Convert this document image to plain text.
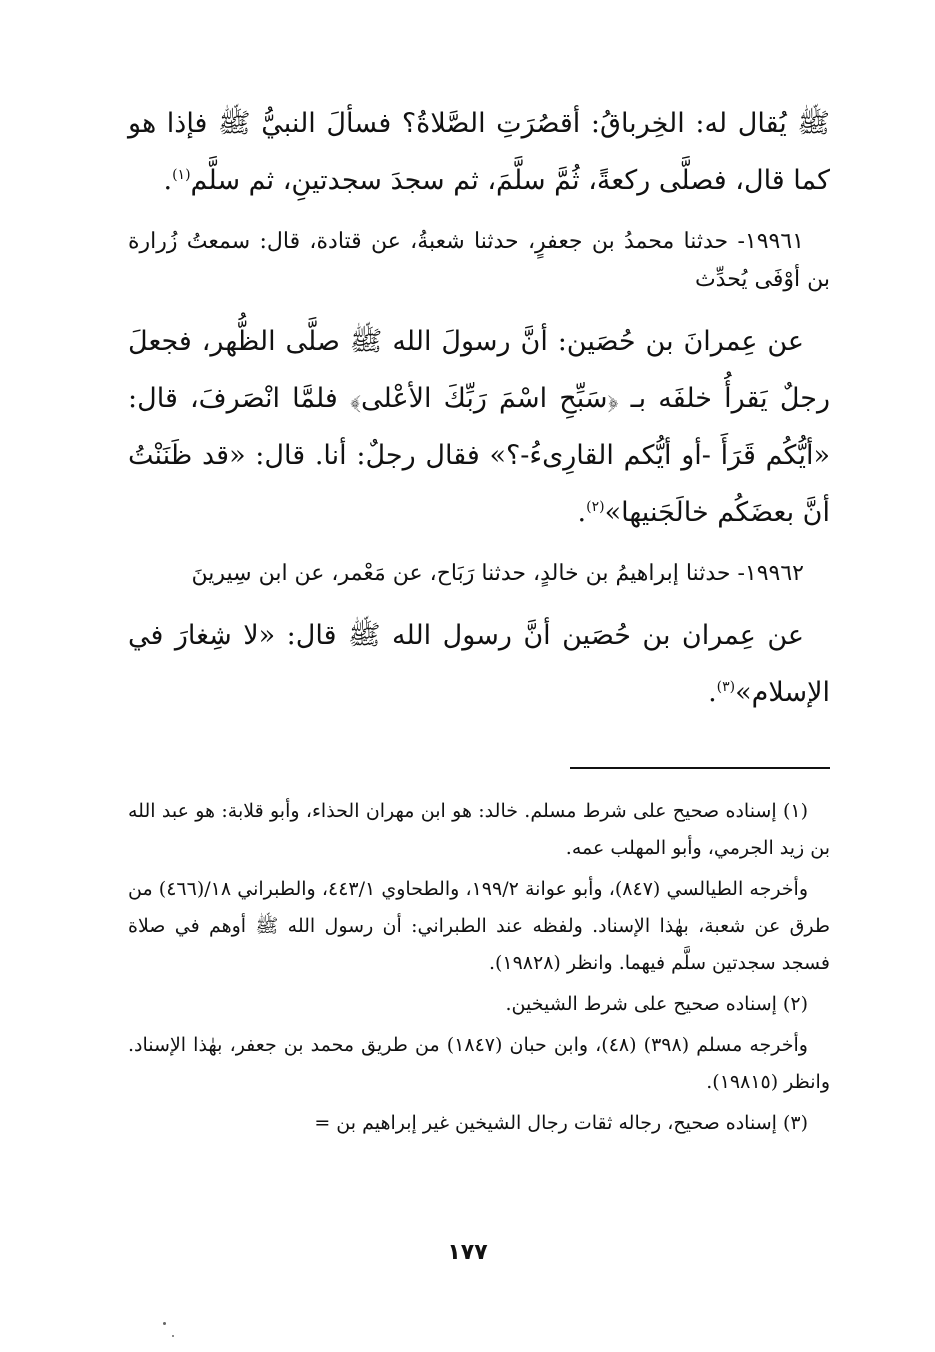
ﷺ يُقال له: الخِرباقُ: أقصُرَتِ الصَّلاةُ؟ فسألَ النبيُّ ﷺ فإذا هو كما قال، فصلَّى ركعةً، ثُمَّ سلَّمَ، ثم سجدَ سجدتينِ، ثم سلَّم$^{(١)}$.

١٩٩٦١- حدثنا محمدُ بن جعفرٍ، حدثنا شعبةُ، عن قتادة، قال: سمعتُ زُرارة بن أوْفَى يُحدِّث

عن عِمرانَ بن حُصَين: أنَّ رسولَ الله ﷺ صلَّى الظُّهر، فجعلَ رجلٌ يَقرأُ خلفَه بـ ﴿سَبِّحِ اسْمَ رَبِّكَ الأعْلى﴾ فلمَّا انْصَرفَ، قال: «أيُّكُم قَرَأَ -أو أيُّكم القارِىءُ-؟» فقال رجلٌ: أنا. قال: «قد ظَنَنْتُ أنَّ بعضَكُم خالَجَنيها»$^{(٢)}$.

١٩٩٦٢- حدثنا إبراهيمُ بن خالدٍ، حدثنا رَبَاح، عن مَعْمر، عن ابن سِيرينَ

عن عِمران بن حُصَين أنَّ رسول الله ﷺ قال: «لا شِغارَ في الإسلام»$^{(٣)}$.

(١) إسناده صحيح على شرط مسلم. خالد: هو ابن مهران الحذاء، وأبو قلابة: هو عبد الله بن زيد الجرمي، وأبو المهلب عمه.

وأخرجه الطيالسي (٨٤٧)، وأبو عوانة ١٩٩/٢، والطحاوي ٤٤٣/١، والطبراني ١٨/(٤٦٦) من طرق عن شعبة، بهٰذا الإسناد. ولفظه عند الطبراني: أن رسول الله ﷺ أوهم في صلاة فسجد سجدتين سلَّم فيهما. وانظر (١٩٨٢٨).

(٢) إسناده صحيح على شرط الشيخين.

وأخرجه مسلم (٣٩٨) (٤٨)، وابن حبان (١٨٤٧) من طريق محمد بن جعفر، بهٰذا الإسناد. وانظر (١٩٨١٥).

(٣) إسناده صحيح، رجاله ثقات رجال الشيخين غير إبراهيم بن =

١٧٧
